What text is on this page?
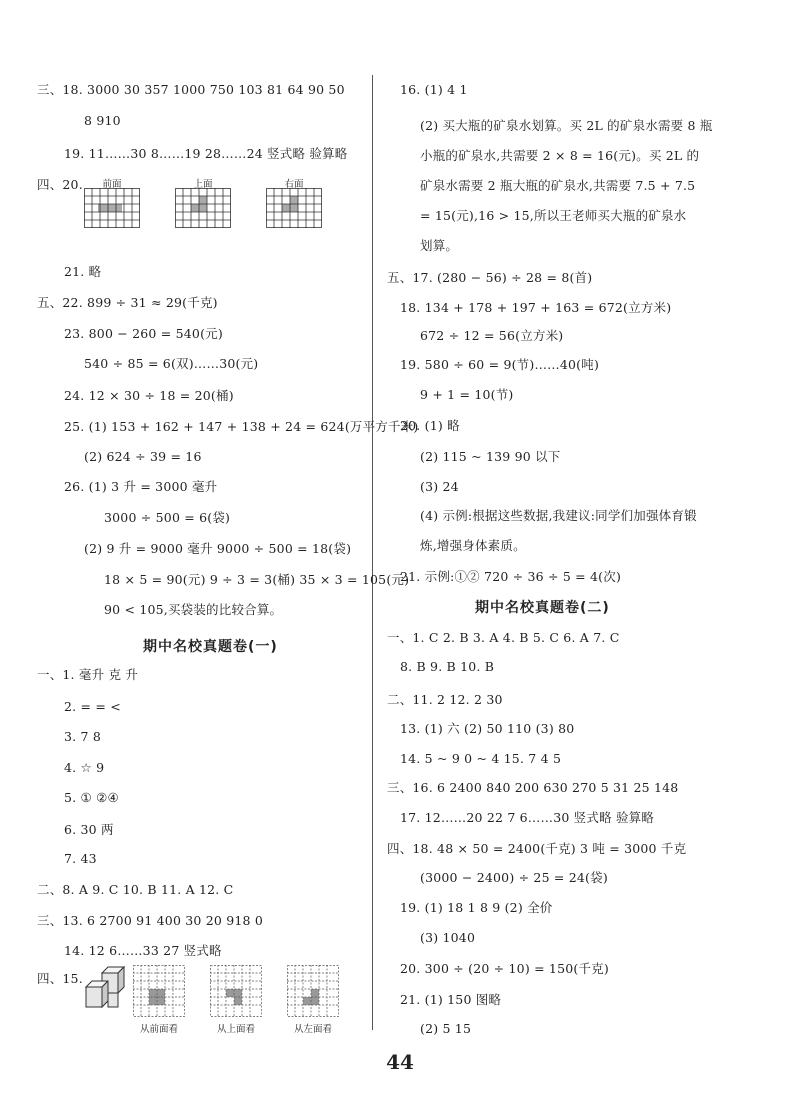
三、18. 3000 30 357 1000 750 103 81 64 90 50
8 910
19. 11……30 8……19 28……24 竖式略 验算略
四、20.
21. 略
五、22. 899 ÷ 31 ≈ 29(千克)
23. 800 − 260 = 540(元)
540 ÷ 85 = 6(双)……30(元)
24. 12 × 30 ÷ 18 = 20(桶)
25. (1) 153 + 162 + 147 + 138 + 24 = 624(万平方千米)
(2) 624 ÷ 39 = 16
26. (1) 3 升 = 3000 毫升
3000 ÷ 500 = 6(袋)
(2) 9 升 = 9000 毫升 9000 ÷ 500 = 18(袋)
18 × 5 = 90(元) 9 ÷ 3 = 3(桶) 35 × 3 = 105(元)
90 < 105,买袋装的比较合算。
一、1. 毫升 克 升
2. = = <
3. 7 8
4. ☆ 9
5. ① ②④
6. 30 两
7. 43
二、8. A 9. C 10. B 11. A 12. C
三、13. 6 2700 91 400 30 20 918 0
14. 12 6……33 27 竖式略
四、15.
16. (1) 4 1
(2) 买大瓶的矿泉水划算。买 2L 的矿泉水需要 8 瓶
小瓶的矿泉水,共需要 2 × 8 = 16(元)。买 2L 的
矿泉水需要 2 瓶大瓶的矿泉水,共需要 7.5 + 7.5
= 15(元),16 > 15,所以王老师买大瓶的矿泉水
划算。
五、17. (280 − 56) ÷ 28 = 8(首)
18. 134 + 178 + 197 + 163 = 672(立方米)
672 ÷ 12 = 56(立方米)
19. 580 ÷ 60 = 9(节)……40(吨)
9 + 1 = 10(节)
20. (1) 略
(2) 115 ~ 139 90 以下
(3) 24
(4) 示例:根据这些数据,我建议:同学们加强体育锻
炼,增强身体素质。
21. 示例:①② 720 ÷ 36 ÷ 5 = 4(次)
一、1. C 2. B 3. A 4. B 5. C 6. A 7. C
8. B 9. B 10. B
二、11. 2 12. 2 30
13. (1) 六 (2) 50 110 (3) 80
14. 5 ~ 9 0 ~ 4 15. 7 4 5
三、16. 6 2400 840 200 630 270 5 31 25 148
17. 12……20 22 7 6……30 竖式略 验算略
四、18. 48 × 50 = 2400(千克) 3 吨 = 3000 千克
(3000 − 2400) ÷ 25 = 24(袋)
19. (1) 18 1 8 9 (2) 全价
(3) 1040
20. 300 ÷ (20 ÷ 10) = 150(千克)
21. (1) 150 图略
(2) 5 15
期中名校真题卷(一)
期中名校真题卷(二)
前面	上面	右面
从前面看	从上面看	从左面看
44
